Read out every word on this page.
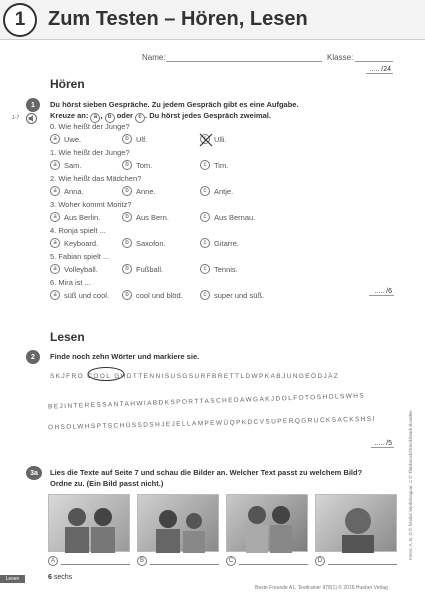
1	Zum Testen – Hören, Lesen
Name:	Klasse:
..... /24
Hören
1
1-7
Du hörst sieben Gespräche. Zu jedem Gespräch gibt es eine Aufgabe.
Kreuze an: a , b oder c . Du hörst jedes Gespräch zweimal.
0. Wie heißt der Junge?
a Uwe.	b Ulf.	Ulli.
1. Wie heißt der Junge?
a Sam.	b Tom.	c	Tim.
2. Wie heißt das Mädchen?
a Anna.	b Anne.	c	Antje.
3. Woher kommt Moritz?
a Aus Berlin.	b Aus Bern.	c	Aus Bernau.
4. Ronja spielt ...
a Keyboard.	b Saxofon.	c	Gitarre.
5. Fabian spielt ...
a Volleyball.	b Fußball.	c	Tennis.
6. Mira ist ...
a süß und cool.	b cool und blöd.	c	super und süß.	..... /6
Lesen
2	Finde noch zehn Wörter und markiere sie.
SKJFRO COOL GHDTTENNISUSGSURFBRETTLDWPKABJUNGEÖDJÄZ
BEJINTERESSANTAHWIABDKSPORTTASCHEDAWGAKJDOLFOTOSHOLSWHS
OHSOLWHSPTSCHÜSSDSHJEJELLAMPEWÜQPKDCVSUPERQGRUCKSACKSHSI
..... /5
3a	Lies die Texte auf Seite 7 und schau die Bilder an. Welcher Text passt zu welchem Bild?
Ordne zu. (Ein Bild passt nicht.)
A	B	C	D
Fotos: A, B, D © fotolia/ Verdelsaguar, C © Thinkstock/iStock/Mark Bowden
Lesen	6 sechs
Beste Freunde A1, Testtrainer 978(1) © 2016 Hueber Verlag
